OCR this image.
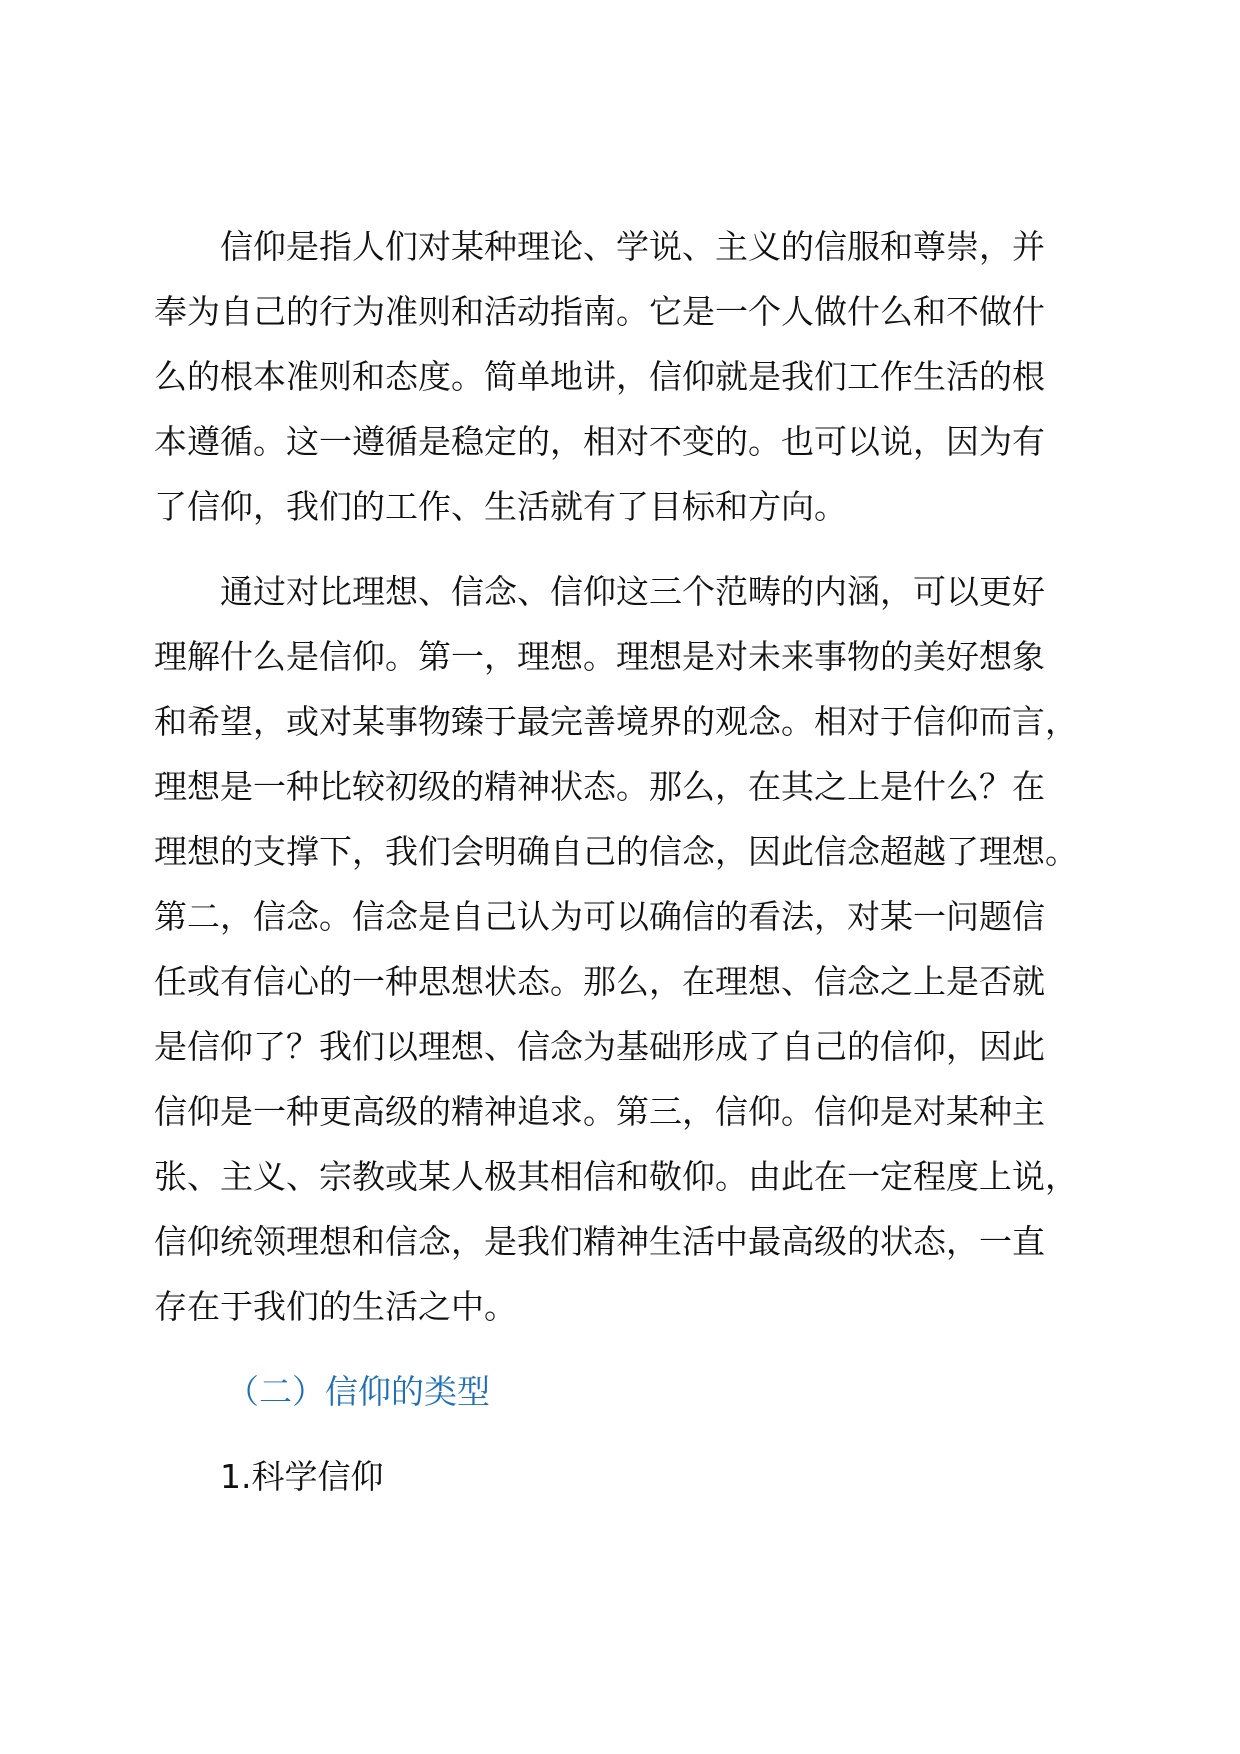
信仰是指人们对某种理论、学说、主义的信服和尊崇，并
奉为自己的行为准则和活动指南。它是一个人做什么和不做什
么的根本准则和态度。简单地讲，信仰就是我们工作生活的根
本遵循。这一遵循是稳定的，相对不变的。也可以说，因为有
了信仰，我们的工作、生活就有了目标和方向。

通过对比理想、信念、信仰这三个范畴的内涵，可以更好
理解什么是信仰。第一，理想。理想是对未来事物的美好想象
和希望，或对某事物臻于最完善境界的观念。相对于信仰而言，
理想是一种比较初级的精神状态。那么，在其之上是什么？在
理想的支撑下，我们会明确自己的信念，因此信念超越了理想。
第二，信念。信念是自己认为可以确信的看法，对某一问题信
任或有信心的一种思想状态。那么，在理想、信念之上是否就
是信仰了？我们以理想、信念为基础形成了自己的信仰，因此
信仰是一种更高级的精神追求。第三，信仰。信仰是对某种主
张、主义、宗教或某人极其相信和敬仰。由此在一定程度上说，
信仰统领理想和信念，是我们精神生活中最高级的状态，一直
存在于我们的生活之中。

（二）信仰的类型
1.科学信仰
